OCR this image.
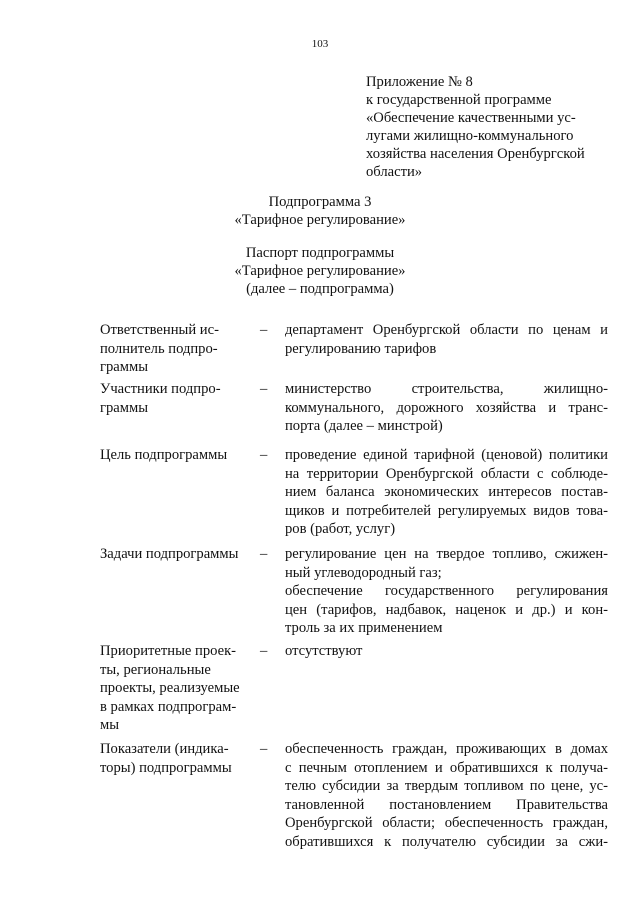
103
Приложение № 8
к государственной программе
«Обеспечение качественными ус-
лугами жилищно-коммунального
хозяйства населения Оренбургской
области»
Подпрограмма 3
«Тарифное регулирование»
Паспорт подпрограммы
«Тарифное регулирование»
(далее – подпрограмма)
Ответственный ис-
полнитель подпро-
граммы
– департамент Оренбургской области по ценам и
регулированию тарифов
Участники подпро-
граммы
– министерство строительства, жилищно-
коммунального, дорожного хозяйства и транс-
порта (далее – минстрой)
Цель подпрограммы	– проведение единой тарифной (ценовой) политики
на территории Оренбургской области с соблюде-
нием баланса экономических интересов постав-
щиков и потребителей регулируемых видов това-
ров (работ, услуг)
Задачи подпрограммы	– регулирование цен на твердое топливо, сжижен-
ный углеводородный газ;
обеспечение государственного регулирования
цен (тарифов, надбавок, наценок и др.) и кон-
троль за их применением
Приоритетные проек-
ты, региональные
проекты, реализуемые
в рамках подпрограм-
мы
– отсутствуют
Показатели (индика-
торы) подпрограммы
– обеспеченность граждан, проживающих в домах
с печным отоплением и обратившихся к получа-
телю субсидии за твердым топливом по цене, ус-
тановленной постановлением Правительства
Оренбургской области; обеспеченность граждан,
обратившихся к получателю субсидии за сжи-
